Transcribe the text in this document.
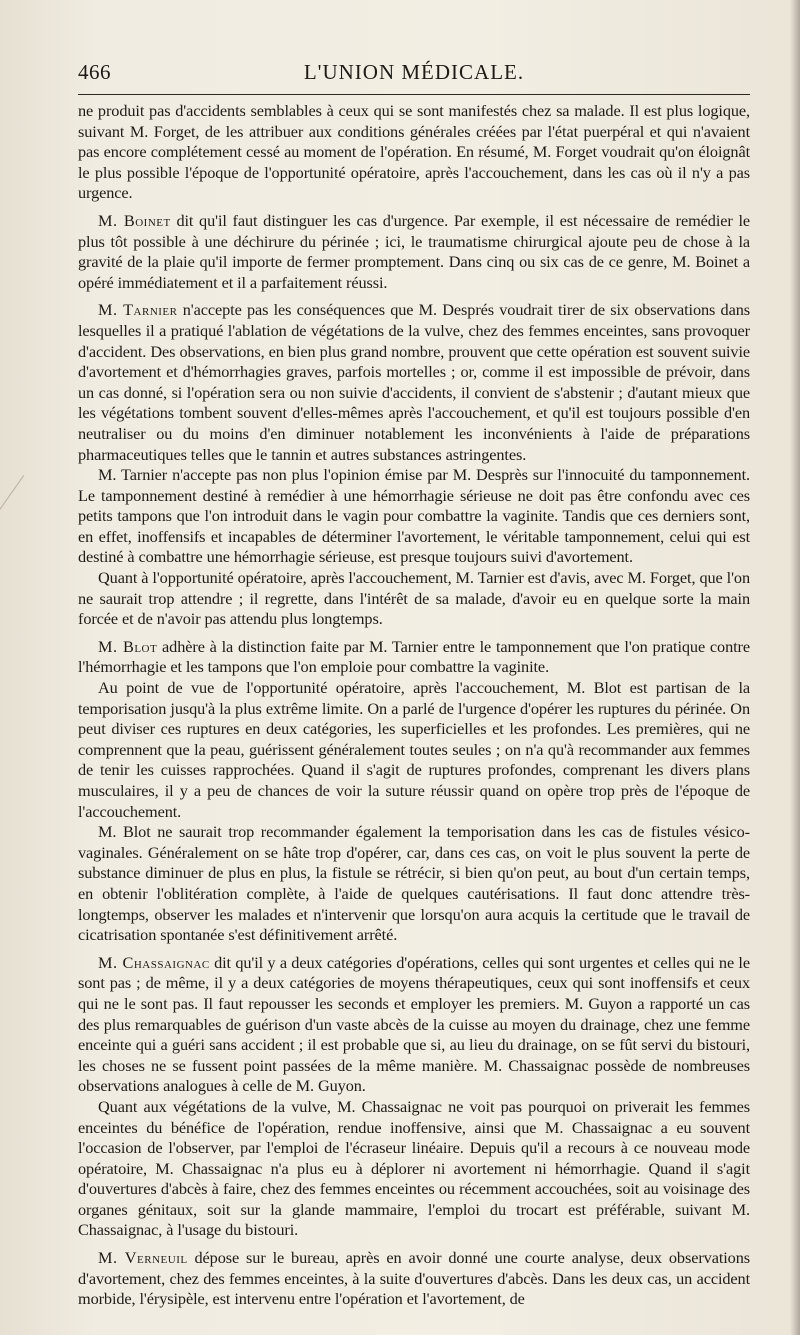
466	L'UNION MÉDICALE.

ne produit pas d'accidents semblables à ceux qui se sont manifestés chez sa malade. Il est plus logique, suivant M. Forget, de les attribuer aux conditions générales créées par l'état puerpéral et qui n'avaient pas encore complétement cessé au moment de l'opération. En résumé, M. Forget voudrait qu'on éloignât le plus possible l'époque de l'opportunité opératoire, après l'accouchement, dans les cas où il n'y a pas urgence.

M. Boinet dit qu'il faut distinguer les cas d'urgence. Par exemple, il est nécessaire de remédier le plus tôt possible à une déchirure du périnée ; ici, le traumatisme chirurgical ajoute peu de chose à la gravité de la plaie qu'il importe de fermer promptement. Dans cinq ou six cas de ce genre, M. Boinet a opéré immédiatement et il a parfaitement réussi.

M. Tarnier n'accepte pas les conséquences que M. Després voudrait tirer de six observations dans lesquelles il a pratiqué l'ablation de végétations de la vulve, chez des femmes enceintes, sans provoquer d'accident. Des observations, en bien plus grand nombre, prouvent que cette opération est souvent suivie d'avortement et d'hémorrhagies graves, parfois mortelles ; or, comme il est impossible de prévoir, dans un cas donné, si l'opération sera ou non suivie d'accidents, il convient de s'abstenir ; d'autant mieux que les végétations tombent souvent d'elles-mêmes après l'accouchement, et qu'il est toujours possible d'en neutraliser ou du moins d'en diminuer notablement les inconvénients à l'aide de préparations pharmaceutiques telles que le tannin et autres substances astringentes.

M. Tarnier n'accepte pas non plus l'opinion émise par M. Desprès sur l'innocuité du tamponnement. Le tamponnement destiné à remédier à une hémorrhagie sérieuse ne doit pas être confondu avec ces petits tampons que l'on introduit dans le vagin pour combattre la vaginite. Tandis que ces derniers sont, en effet, inoffensifs et incapables de déterminer l'avortement, le véritable tamponnement, celui qui est destiné à combattre une hémorrhagie sérieuse, est presque toujours suivi d'avortement.

Quant à l'opportunité opératoire, après l'accouchement, M. Tarnier est d'avis, avec M. Forget, que l'on ne saurait trop attendre ; il regrette, dans l'intérêt de sa malade, d'avoir eu en quelque sorte la main forcée et de n'avoir pas attendu plus longtemps.

M. Blot adhère à la distinction faite par M. Tarnier entre le tamponnement que l'on pratique contre l'hémorrhagie et les tampons que l'on emploie pour combattre la vaginite.

Au point de vue de l'opportunité opératoire, après l'accouchement, M. Blot est partisan de la temporisation jusqu'à la plus extrême limite. On a parlé de l'urgence d'opérer les ruptures du périnée. On peut diviser ces ruptures en deux catégories, les superficielles et les profondes. Les premières, qui ne comprennent que la peau, guérissent généralement toutes seules ; on n'a qu'à recommander aux femmes de tenir les cuisses rapprochées. Quand il s'agit de ruptures profondes, comprenant les divers plans musculaires, il y a peu de chances de voir la suture réussir quand on opère trop près de l'époque de l'accouchement.

M. Blot ne saurait trop recommander également la temporisation dans les cas de fistules vésico-vaginales. Généralement on se hâte trop d'opérer, car, dans ces cas, on voit le plus souvent la perte de substance diminuer de plus en plus, la fistule se rétrécir, si bien qu'on peut, au bout d'un certain temps, en obtenir l'oblitération complète, à l'aide de quelques cautérisations. Il faut donc attendre très-longtemps, observer les malades et n'intervenir que lorsqu'on aura acquis la certitude que le travail de cicatrisation spontanée s'est définitivement arrêté.

M. Chassaignac dit qu'il y a deux catégories d'opérations, celles qui sont urgentes et celles qui ne le sont pas ; de même, il y a deux catégories de moyens thérapeutiques, ceux qui sont inoffensifs et ceux qui ne le sont pas. Il faut repousser les seconds et employer les premiers. M. Guyon a rapporté un cas des plus remarquables de guérison d'un vaste abcès de la cuisse au moyen du drainage, chez une femme enceinte qui a guéri sans accident ; il est probable que si, au lieu du drainage, on se fût servi du bistouri, les choses ne se fussent point passées de la même manière. M. Chassaignac possède de nombreuses observations analogues à celle de M. Guyon.

Quant aux végétations de la vulve, M. Chassaignac ne voit pas pourquoi on priverait les femmes enceintes du bénéfice de l'opération, rendue inoffensive, ainsi que M. Chassaignac a eu souvent l'occasion de l'observer, par l'emploi de l'écraseur linéaire. Depuis qu'il a recours à ce nouveau mode opératoire, M. Chassaignac n'a plus eu à déplorer ni avortement ni hémorrhagie. Quand il s'agit d'ouvertures d'abcès à faire, chez des femmes enceintes ou récemment accouchées, soit au voisinage des organes génitaux, soit sur la glande mammaire, l'emploi du trocart est préférable, suivant M. Chassaignac, à l'usage du bistouri.

M. Verneuil dépose sur le bureau, après en avoir donné une courte analyse, deux observations d'avortement, chez des femmes enceintes, à la suite d'ouvertures d'abcès. Dans les deux cas, un accident morbide, l'érysipèle, est intervenu entre l'opération et l'avortement, de
